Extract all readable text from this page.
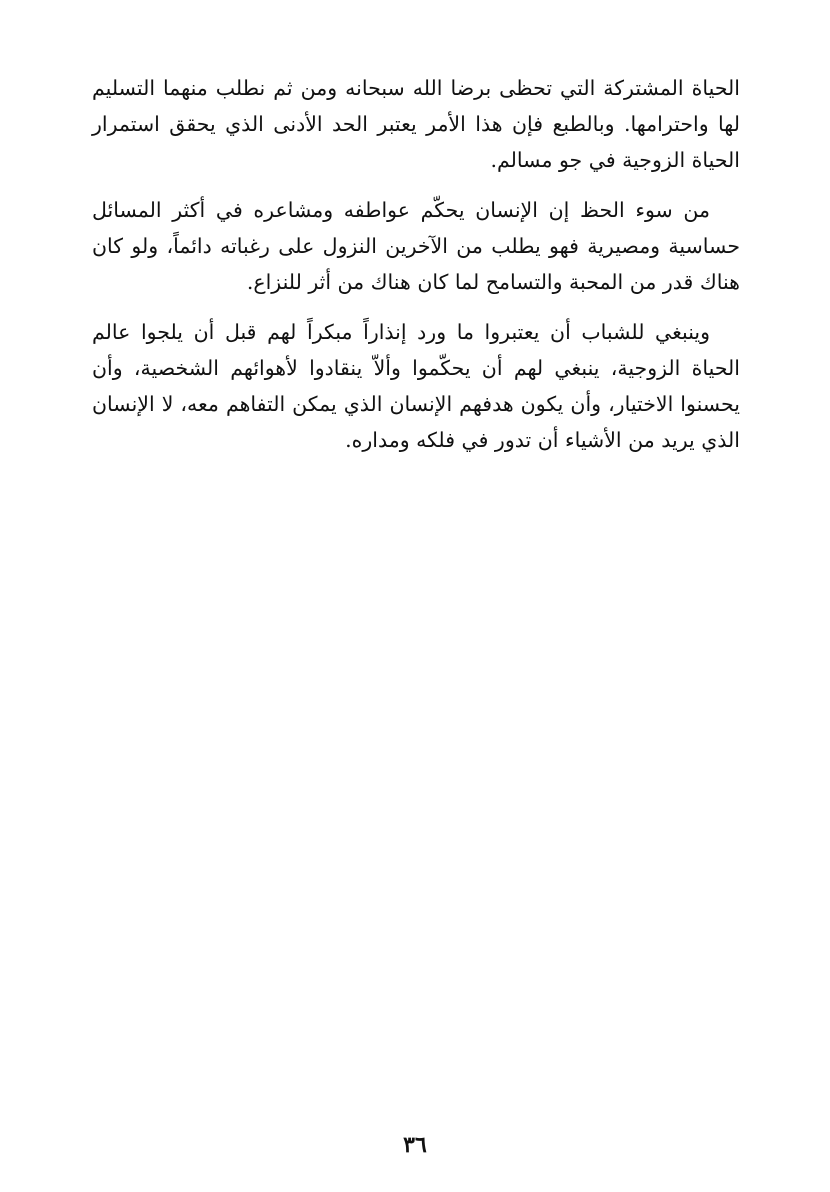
الحياة المشتركة التي تحظى برضا الله سبحانه ومن ثم نطلب منهما التسليم لها واحترامها. وبالطبع فإن هذا الأمر يعتبر الحد الأدنى الذي يحقق استمرار الحياة الزوجية في جو مسالم.

من سوء الحظ إن الإنسان يحكّم عواطفه ومشاعره في أكثر المسائل حساسية ومصيرية فهو يطلب من الآخرين النزول على رغباته دائماً، ولو كان هناك قدر من المحبة والتسامح لما كان هناك من أثر للنزاع.

وينبغي للشباب أن يعتبروا ما ورد إنذاراً مبكراً لهم قبل أن يلجوا عالم الحياة الزوجية، ينبغي لهم أن يحكّموا وألاّ ينقادوا لأهوائهم الشخصية، وأن يحسنوا الاختيار، وأن يكون هدفهم الإنسان الذي يمكن التفاهم معه، لا الإنسان الذي يريد من الأشياء أن تدور في فلكه ومداره.

٣٦
